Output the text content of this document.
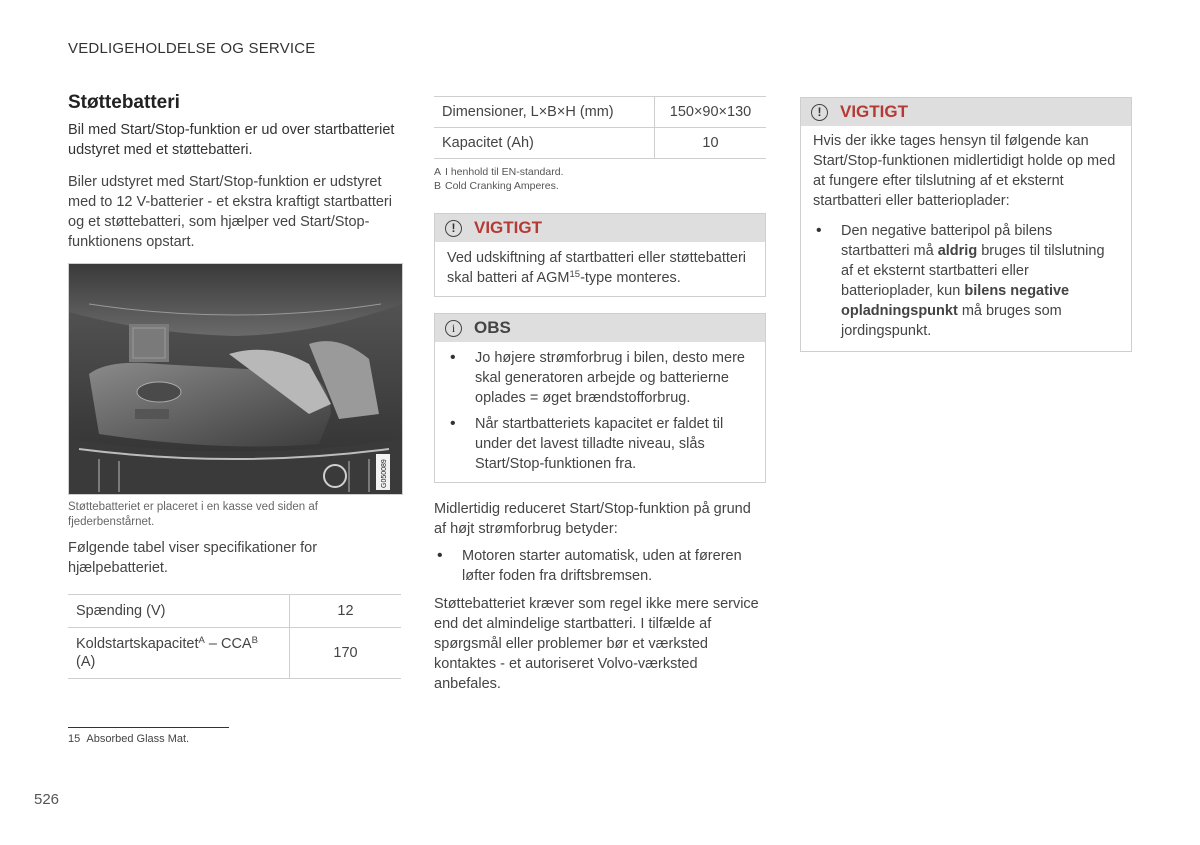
VEDLIGEHOLDELSE OG SERVICE
Støttebatteri

Bil med Start/Stop-funktion er ud over startbatteriet udstyret med et støttebatteri.

Biler udstyret med Start/Stop-funktion er udstyret med to 12 V-batterier - et ekstra kraftigt startbatteri og et støttebatteri, som hjælper ved Start/Stop-funktionens opstart.

G050089
Støttebatteriet er placeret i en kasse ved siden af fjederbenstårnet.

Følgende tabel viser specifikationer for hjælpebatteriet.

Spænding (V)	12
Koldstartskapacitet$^A$ – $CCA^B$
(A)	170
Dimensioner, L×B×H (mm)	150×90×130
Kapacitet (Ah)	10
A I henhold til EN-standard.
B Cold Cranking Amperes.
!	VIGTIGT
Ved udskiftning af startbatteri eller støttebatteri skal batteri af AGM$^{15}$-type monteres.
i	OBS
• Jo højere strømforbrug i bilen, desto mere skal generatoren arbejde og batterierne oplades = øget brændstofforbrug.
• Når startbatteriets kapacitet er faldet til under det lavest tilladte niveau, slås Start/Stop-funktionen fra.

Midlertidig reduceret Start/Stop-funktion på grund af højt strømforbrug betyder:

• Motoren starter automatisk, uden at føreren løfter foden fra driftsbremsen.

Støttebatteriet kræver som regel ikke mere service end det almindelige startbatteri. I tilfælde af spørgsmål eller problemer bør et værksted kontaktes - et autoriseret Volvo-værksted anbefales.

!	VIGTIGT
Hvis der ikke tages hensyn til følgende kan Start/Stop-funktionen midlertidigt holde op med at fungere efter tilslutning af et eksternt startbatteri eller batterioplader:
• Den negative batteripol på bilens startbatteri må aldrig bruges til tilslutning af et eksternt startbatteri eller batterioplader, kun bilens negative opladningspunkt må bruges som jordingspunkt.
15 Absorbed Glass Mat.
526
